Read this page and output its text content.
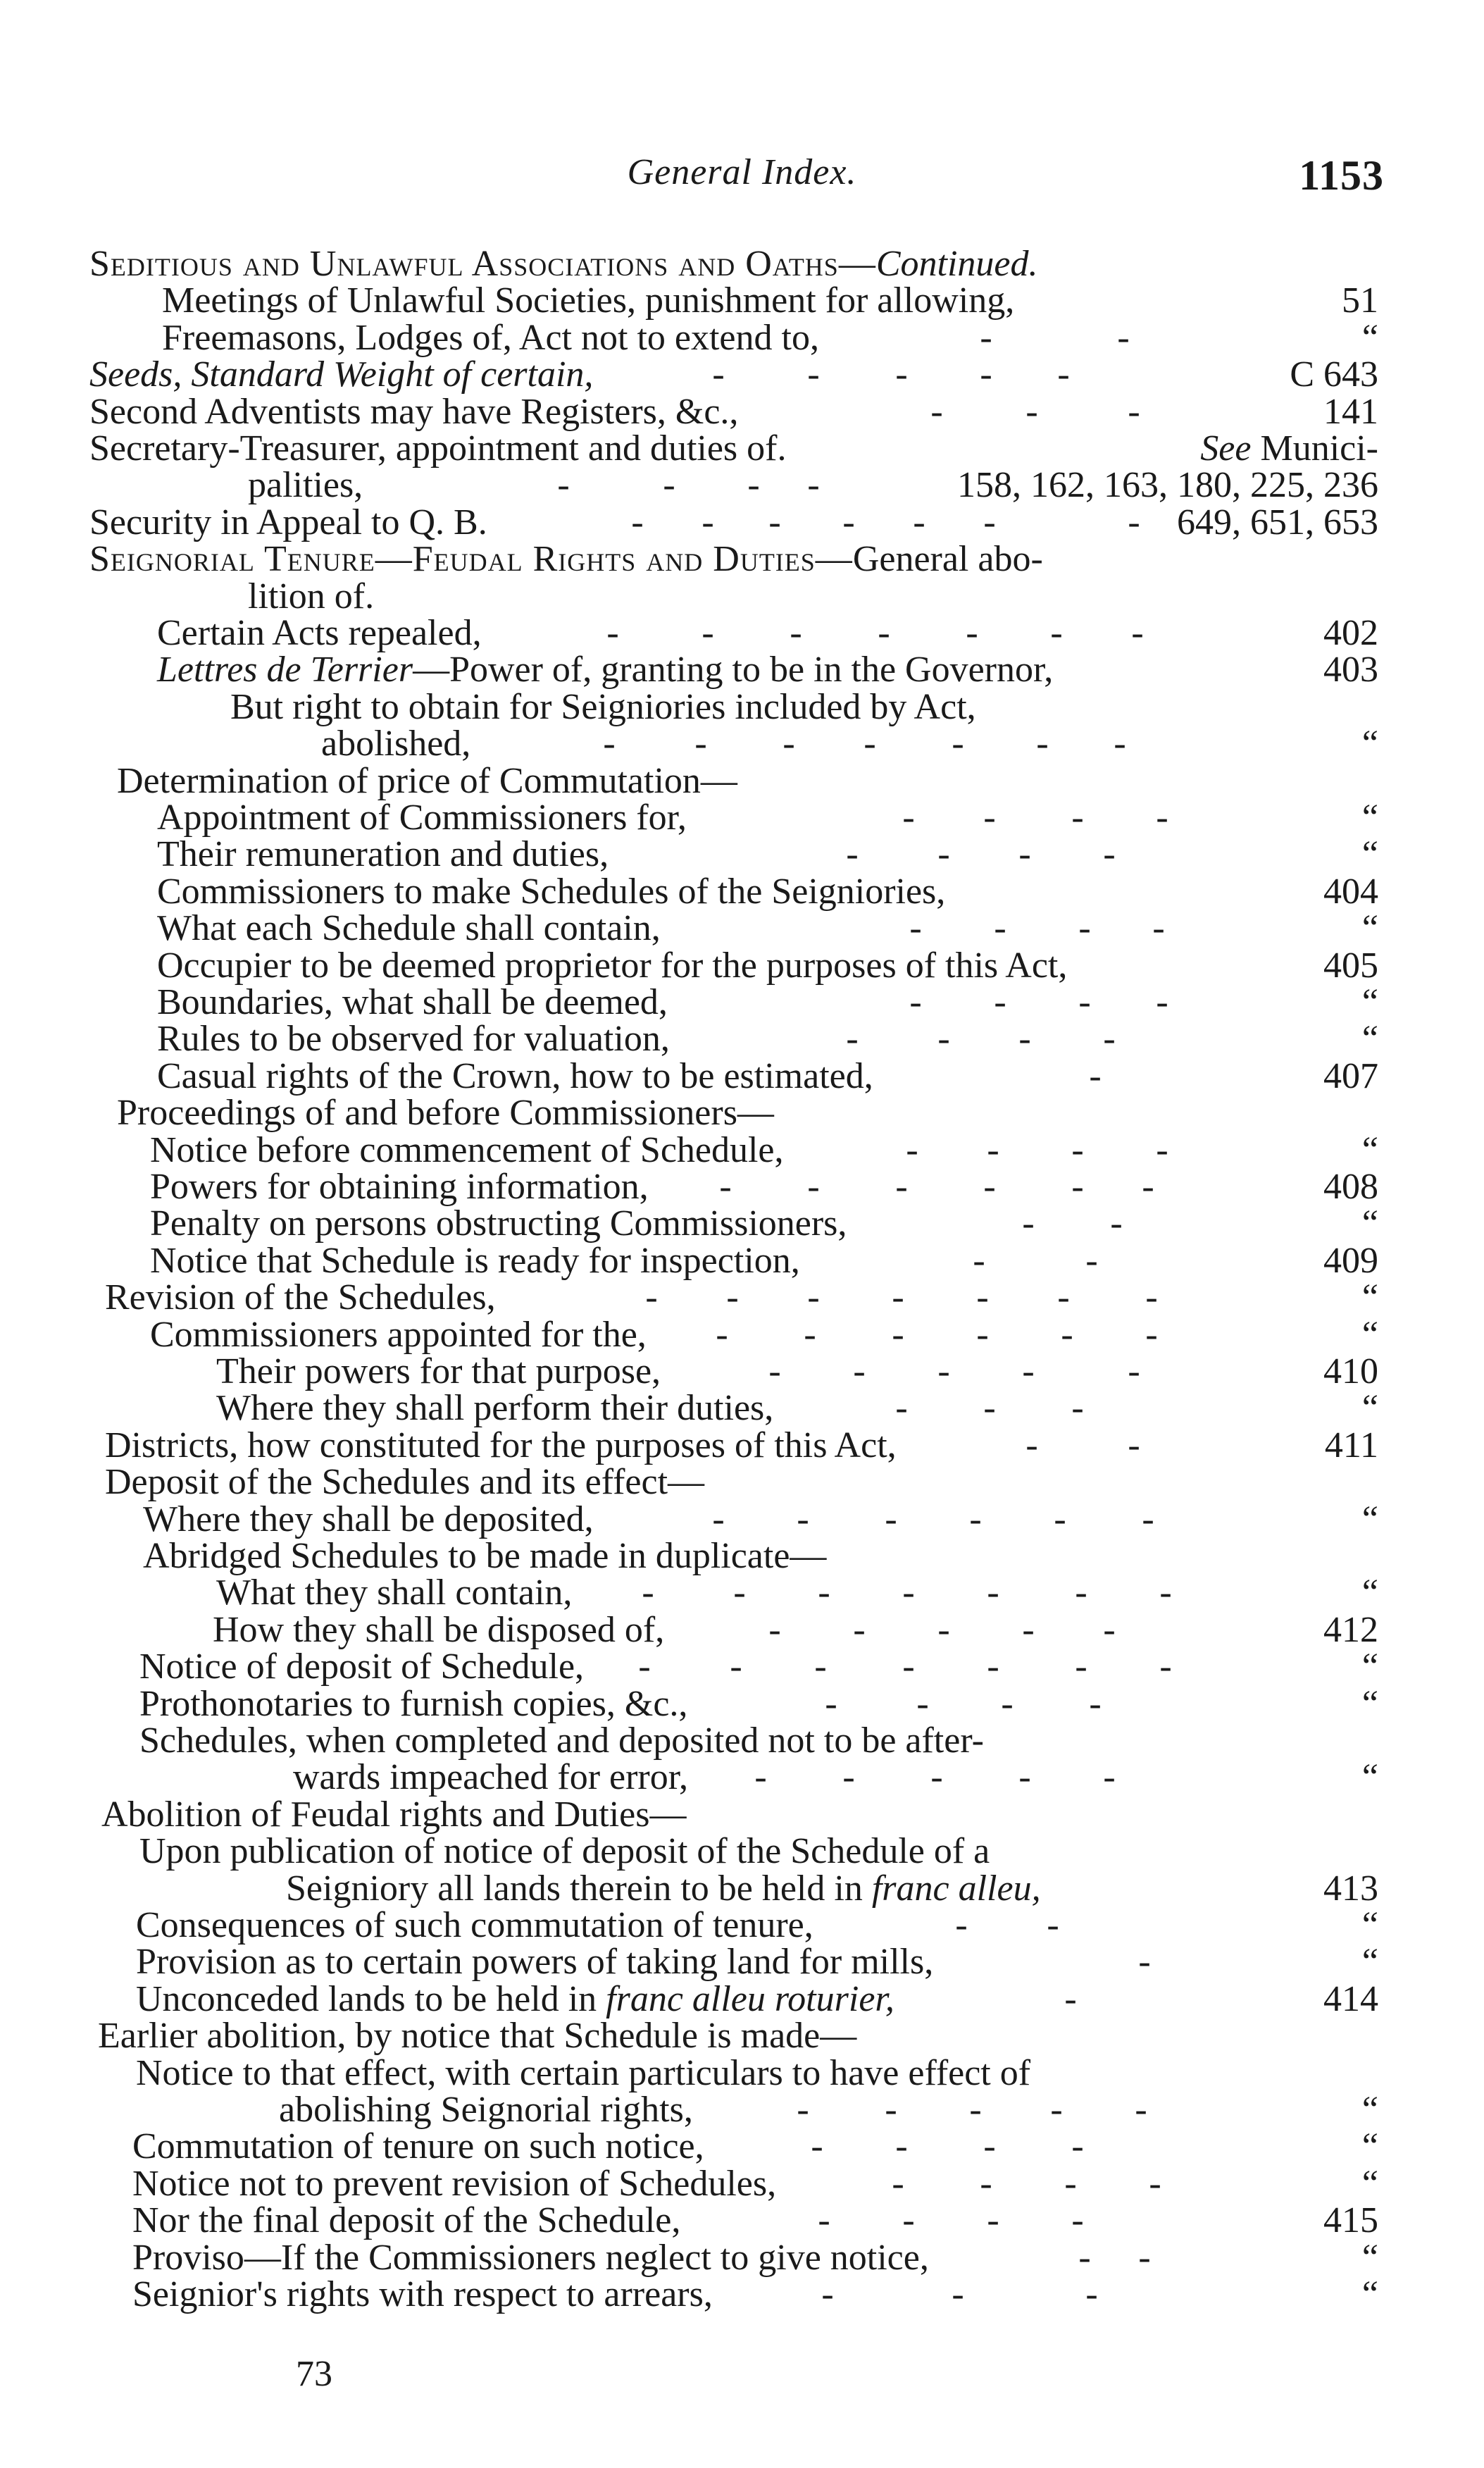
General Index.	1153
Seditious and Unlawful Associations and Oaths—Continued.
Meetings of Unlawful Societies, punishment for allowing,	51
Freemasons, Lodges of, Act not to extend to,	-	-	“
Seeds, Standard Weight of certain,	- - - - -	C 643
Second Adventists may have Registers, &c.,	- - -	141
Secretary-Treasurer, appointment and duties of.	See Munici-
palities,	-	- - -	158, 162, 163, 180, 225, 236
Security in Appeal to Q. B.	- - - - - -	- 649, 651, 653
Seignorial Tenure—Feudal Rights and Duties—General abo-
lition of.
Certain Acts repealed,	- - - - - - -	402
Lettres de Terrier—Power of, granting to be in the Governor,	403
But right to obtain for Seigniories included by Act,
abolished,	- - - - - - -	“
Determination of price of Commutation—
Appointment of Commissioners for,	- - - -	“
Their remuneration and duties,	- - - -	“
Commissioners to make Schedules of the Seigniories,	404
What each Schedule shall contain,	- - - -	“
Occupier to be deemed proprietor for the purposes of this Act,	405
Boundaries, what shall be deemed,	- - - -	“
Rules to be observed for valuation,	- - - -	“
Casual rights of the Crown, how to be estimated,	-	407
Proceedings of and before Commissioners—
Notice before commencement of Schedule,	- - - -	“
Powers for obtaining information, - - - - - -	408
Penalty on persons obstructing Commissioners,	- -	“
Notice that Schedule is ready for inspection,	-	-	409
Revision of the Schedules,	- - - - - - -	“
Commissioners appointed for the, - - - - - -	“
Their powers for that purpose,	- - - -	-	410
Where they shall perform their duties,	- - -	“
Districts, how constituted for the purposes of this Act,	- -	411
Deposit of the Schedules and its effect—
Where they shall be deposited,	- - - - - -	“
Abridged Schedules to be made in duplicate—
What they shall contain, - - - - - - -	“
How they shall be disposed of,	- - - - -	412
Notice of deposit of Schedule, - - - - - - -	“
Prothonotaries to furnish copies, &c.,	- - - -	“
Schedules, when completed and deposited not to be after-
wards impeached for error, - - - - -	“
Abolition of Feudal rights and Duties—
Upon publication of notice of deposit of the Schedule of a
Seigniory all lands therein to be held in franc alleu,	413
Consequences of such commutation of tenure,	- -	“
Provision as to certain powers of taking land for mills,	-	“
Unconceded lands to be held in franc alleu roturier,	-	414
Earlier abolition, by notice that Schedule is made—
Notice to that effect, with certain particulars to have effect of
abolishing Seignorial rights,	- - - - -	“
Commutation of tenure on such notice,	- - - -	“
Notice not to prevent revision of Schedules,	- - - -	“
Nor the final deposit of the Schedule,	- - - -	415
Proviso—If the Commissioners neglect to give notice,	- -	“
Seignior's rights with respect to arrears,	-	-	-	“
73
